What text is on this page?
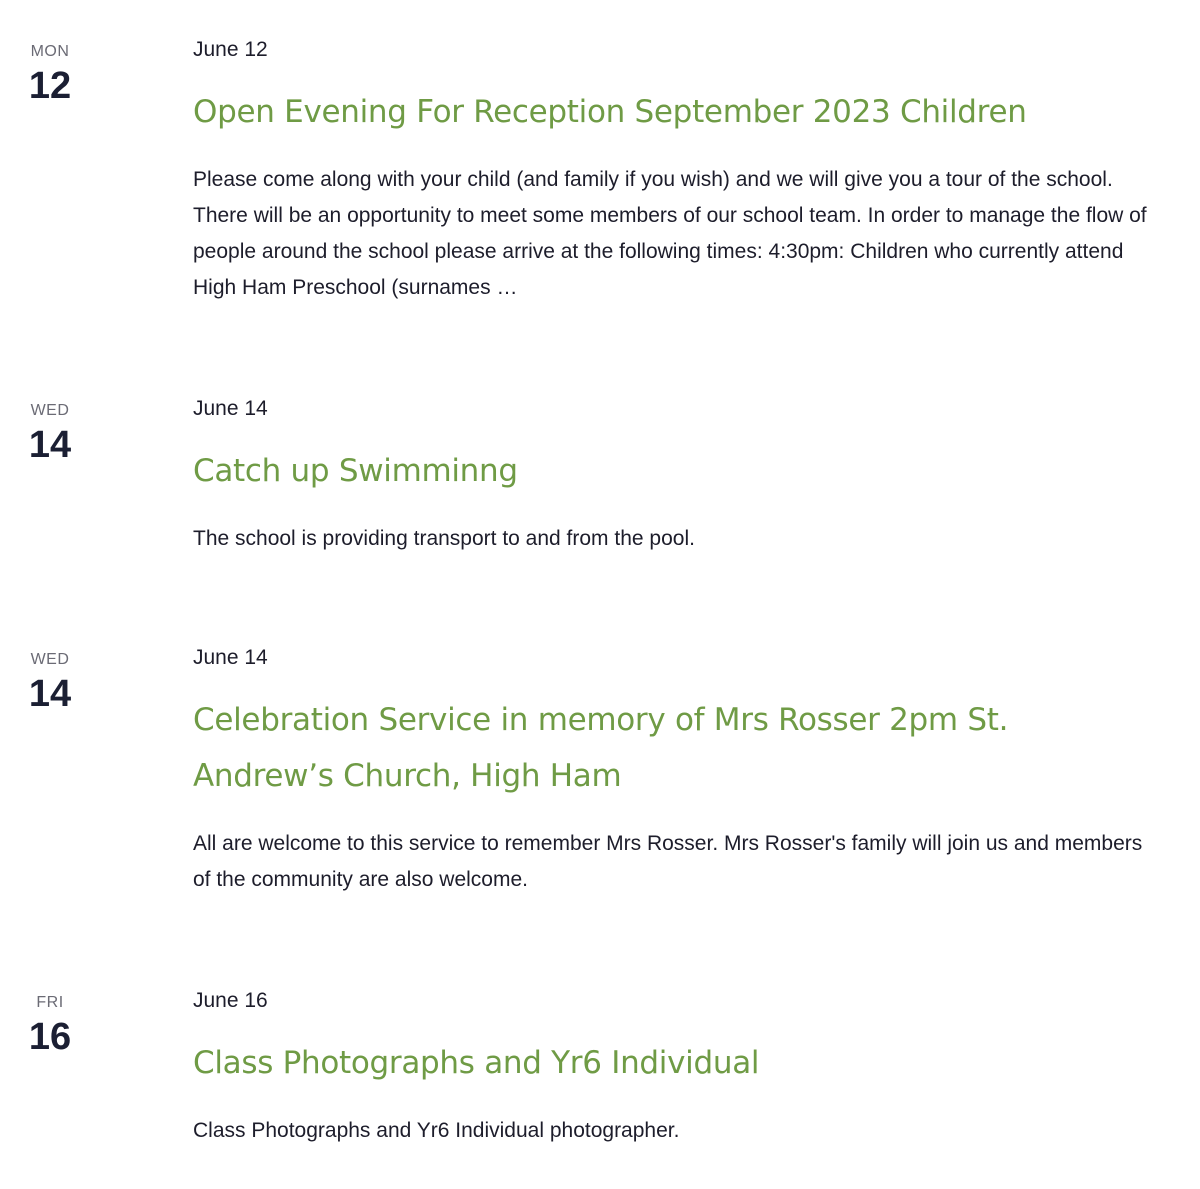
MON
12
June 12
Open Evening For Reception September 2023 Children
Please come along with your child (and family if you wish) and we will give you a tour of the school. There will be an opportunity to meet some members of our school team. In order to manage the flow of people around the school please arrive at the following times: 4:30pm: Children who currently attend High Ham Preschool (surnames …
WED
14
June 14
Catch up Swimminng
The school is providing transport to and from the pool.
WED
14
June 14
Celebration Service in memory of Mrs Rosser 2pm St. Andrew’s Church, High Ham
All are welcome to this service to remember Mrs Rosser. Mrs Rosser's family will join us and members of the community are also welcome.
FRI
16
June 16
Class Photographs and Yr6 Individual
Class Photographs and Yr6 Individual photographer.
